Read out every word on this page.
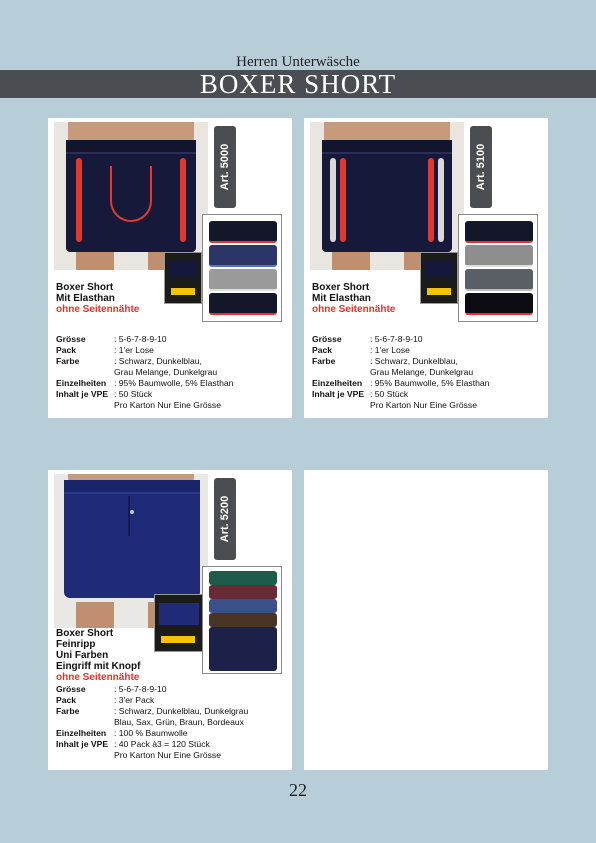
Herren Unterwäsche
BOXER SHORT
Art. 5000
Boxer Short
Mit Elasthan
ohne Seitennähte
Grösse	: 5-6-7-8-9-10
Pack	: 1'er Lose
Farbe	: Schwarz, Dunkelblau,
Grau Melange, Dunkelgrau
Einzelheiten : 95% Baumwolle, 5% Elasthan
Inhalt je VPE : 50 Stück
Pro Karton Nur Eine Grösse
Art. 5100
Boxer Short
Mit Elasthan
ohne Seitennähte
Grösse	: 5-6-7-8-9-10
Pack	: 1'er Lose
Farbe	: Schwarz, Dunkelblau,
Grau Melange, Dunkelgrau
Einzelheiten : 95% Baumwolle, 5% Elasthan
Inhalt je VPE : 50 Stück
Pro Karton Nur Eine Grösse
Art. 5200
Boxer Short
Feinripp
Uni Farben
Eingriff mit Knopf
ohne Seitennähte
Grösse	: 5-6-7-8-9-10
Pack	: 3'er Pack
Farbe	: Schwarz, Dunkelblau, Dunkelgrau
Blau, Sax, Grün, Braun, Bordeaux
Einzelheiten : 100 % Baumwolle
Inhalt je VPE : 40 Pack à3 = 120 Stück
Pro Karton Nur Eine Grösse
22
